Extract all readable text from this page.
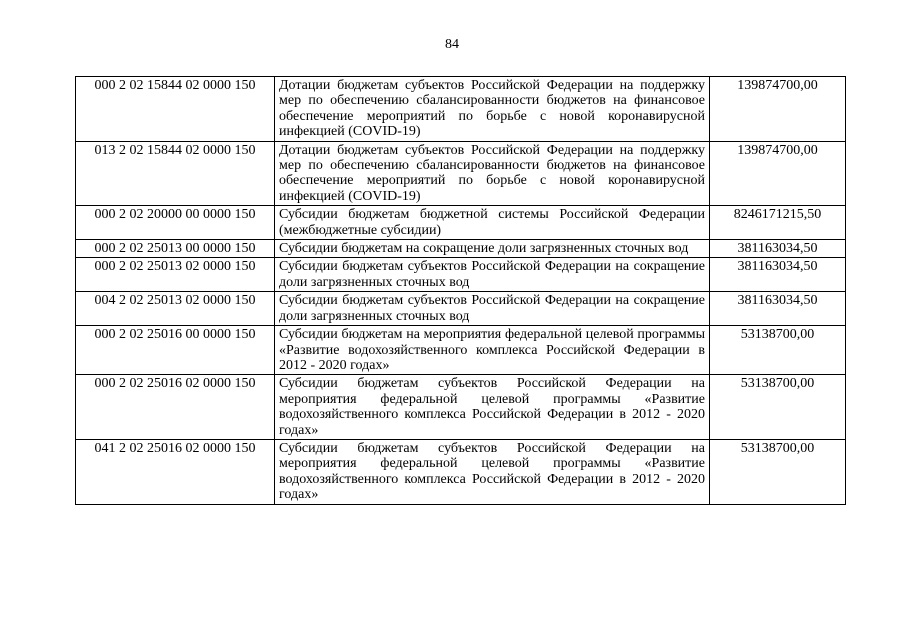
84
000 2 02 15844 02 0000 150	Дотации бюджетам субъектов Российской Федерации на поддержку мер по обеспечению сбалансированности бюджетов на финансовое обеспечение мероприятий по борьбе с новой коронавирусной инфекцией (COVID-19)	139874700,00
013 2 02 15844 02 0000 150	Дотации бюджетам субъектов Российской Федерации на поддержку мер по обеспечению сбалансированности бюджетов на финансовое обеспечение мероприятий по борьбе с новой коронавирусной инфекцией (COVID-19)	139874700,00
000 2 02 20000 00 0000 150	Субсидии бюджетам бюджетной системы Российской Федерации (межбюджетные субсидии)	8246171215,50
000 2 02 25013 00 0000 150	Субсидии бюджетам на сокращение доли загрязненных сточных вод	381163034,50
000 2 02 25013 02 0000 150	Субсидии бюджетам субъектов Российской Федерации на сокращение доли загрязненных сточных вод	381163034,50
004 2 02 25013 02 0000 150	Субсидии бюджетам субъектов Российской Федерации на сокращение доли загрязненных сточных вод	381163034,50
000 2 02 25016 00 0000 150	Субсидии бюджетам на мероприятия федеральной целевой программы «Развитие водохозяйственного комплекса Российской Федерации в 2012 - 2020 годах»	53138700,00
000 2 02 25016 02 0000 150	Субсидии бюджетам субъектов Российской Федерации на мероприятия федеральной целевой программы «Развитие водохозяйственного комплекса Российской Федерации в 2012 - 2020 годах»	53138700,00
041 2 02 25016 02 0000 150	Субсидии бюджетам субъектов Российской Федерации на мероприятия федеральной целевой программы «Развитие водохозяйственного комплекса Российской Федерации в 2012 - 2020 годах»	53138700,00
